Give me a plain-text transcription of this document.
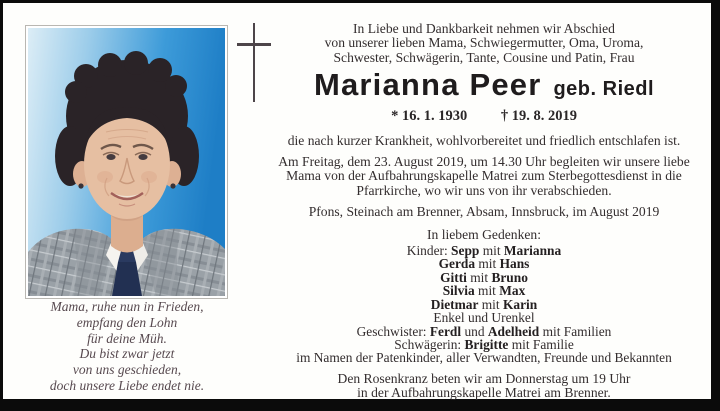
Mama, ruhe nun in Frieden,
empfang den Lohn
für deine Müh.
Du bist zwar jetzt
von uns geschieden,
doch unsere Liebe endet nie.
In Liebe und Dankbarkeit nehmen wir Abschied
von unserer lieben Mama, Schwiegermutter, Oma, Uroma,
Schwester, Schwägerin, Tante, Cousine und Patin, Frau
Marianna Peer geb. Riedl
* 16. 1. 1930 † 19. 8. 2019
die nach kurzer Krankheit, wohlvorbereitet und friedlich entschlafen ist.
Am Freitag, dem 23. August 2019, um 14.30 Uhr begleiten wir unsere liebe
Mama von der Aufbahrungskapelle Matrei zum Sterbegottesdienst in die
Pfarrkirche, wo wir uns von ihr verabschieden.
Pfons, Steinach am Brenner, Absam, Innsbruck, im August 2019
In liebem Gedenken:
Kinder: Sepp mit Marianna
Gerda mit Hans
Gitti mit Bruno
Silvia mit Max
Dietmar mit Karin
Enkel und Urenkel
Geschwister: Ferdl und Adelheid mit Familien
Schwägerin: Brigitte mit Familie
im Namen der Patenkinder, aller Verwandten, Freunde und Bekannten
Den Rosenkranz beten wir am Donnerstag um 19 Uhr
in der Aufbahrungskapelle Matrei am Brenner.
